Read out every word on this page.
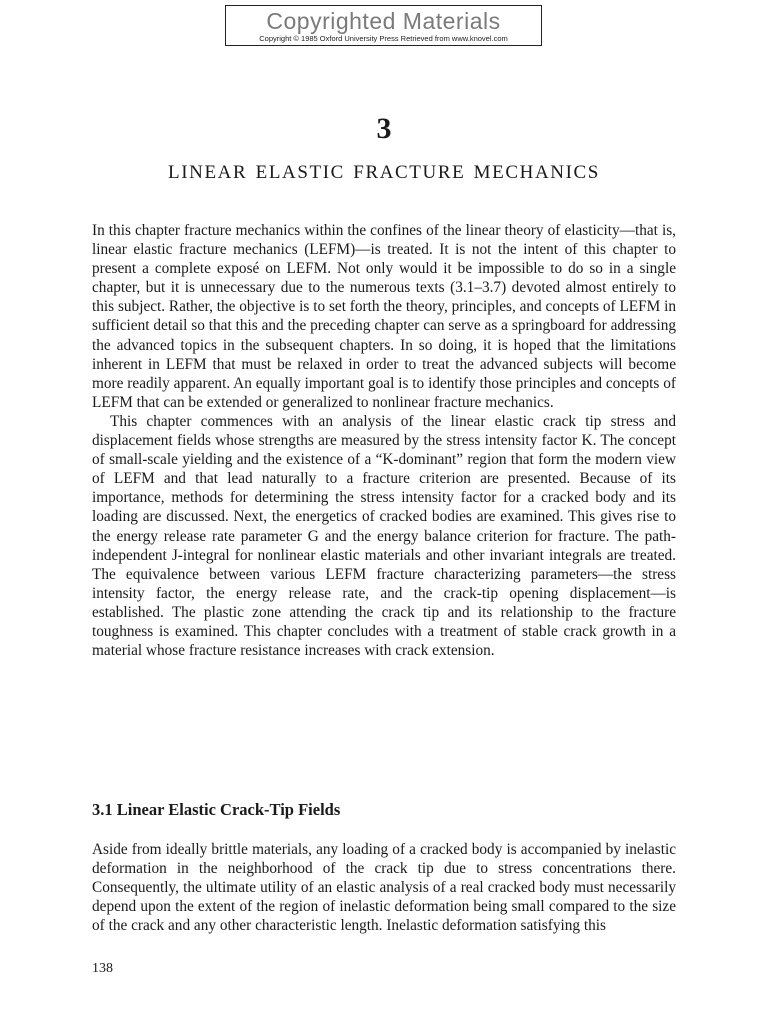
Copyrighted Materials
Copyright © 1985 Oxford University Press Retrieved from www.knovel.com
3
LINEAR ELASTIC FRACTURE MECHANICS

In this chapter fracture mechanics within the confines of the linear theory of elasticity—that is, linear elastic fracture mechanics (LEFM)—is treated. It is not the intent of this chapter to present a complete exposé on LEFM. Not only would it be impossible to do so in a single chapter, but it is unnecessary due to the numerous texts (3.1–3.7) devoted almost entirely to this subject. Rather, the objective is to set forth the theory, principles, and concepts of LEFM in sufficient detail so that this and the preceding chapter can serve as a springboard for addressing the advanced topics in the subsequent chapters. In so doing, it is hoped that the limitations inherent in LEFM that must be relaxed in order to treat the advanced subjects will become more readily apparent. An equally important goal is to identify those principles and concepts of LEFM that can be extended or generalized to nonlinear fracture mechanics.

This chapter commences with an analysis of the linear elastic crack tip stress and displacement fields whose strengths are measured by the stress intensity factor K. The concept of small-scale yielding and the existence of a “K-dominant” region that form the modern view of LEFM and that lead naturally to a fracture criterion are presented. Because of its importance, methods for determining the stress intensity factor for a cracked body and its loading are discussed. Next, the energetics of cracked bodies are examined. This gives rise to the energy release rate parameter G and the energy balance criterion for fracture. The path-independent J-integral for nonlinear elastic materials and other invariant integrals are treated. The equivalence between various LEFM fracture characterizing parameters—the stress intensity factor, the energy release rate, and the crack-tip opening displacement—is established. The plastic zone attending the crack tip and its relationship to the fracture toughness is examined. This chapter concludes with a treatment of stable crack growth in a material whose fracture resistance increases with crack extension.

3.1 Linear Elastic Crack-Tip Fields

Aside from ideally brittle materials, any loading of a cracked body is accompanied by inelastic deformation in the neighborhood of the crack tip due to stress concentrations there. Consequently, the ultimate utility of an elastic analysis of a real cracked body must necessarily depend upon the extent of the region of inelastic deformation being small compared to the size of the crack and any other characteristic length. Inelastic deformation satisfying this

138
